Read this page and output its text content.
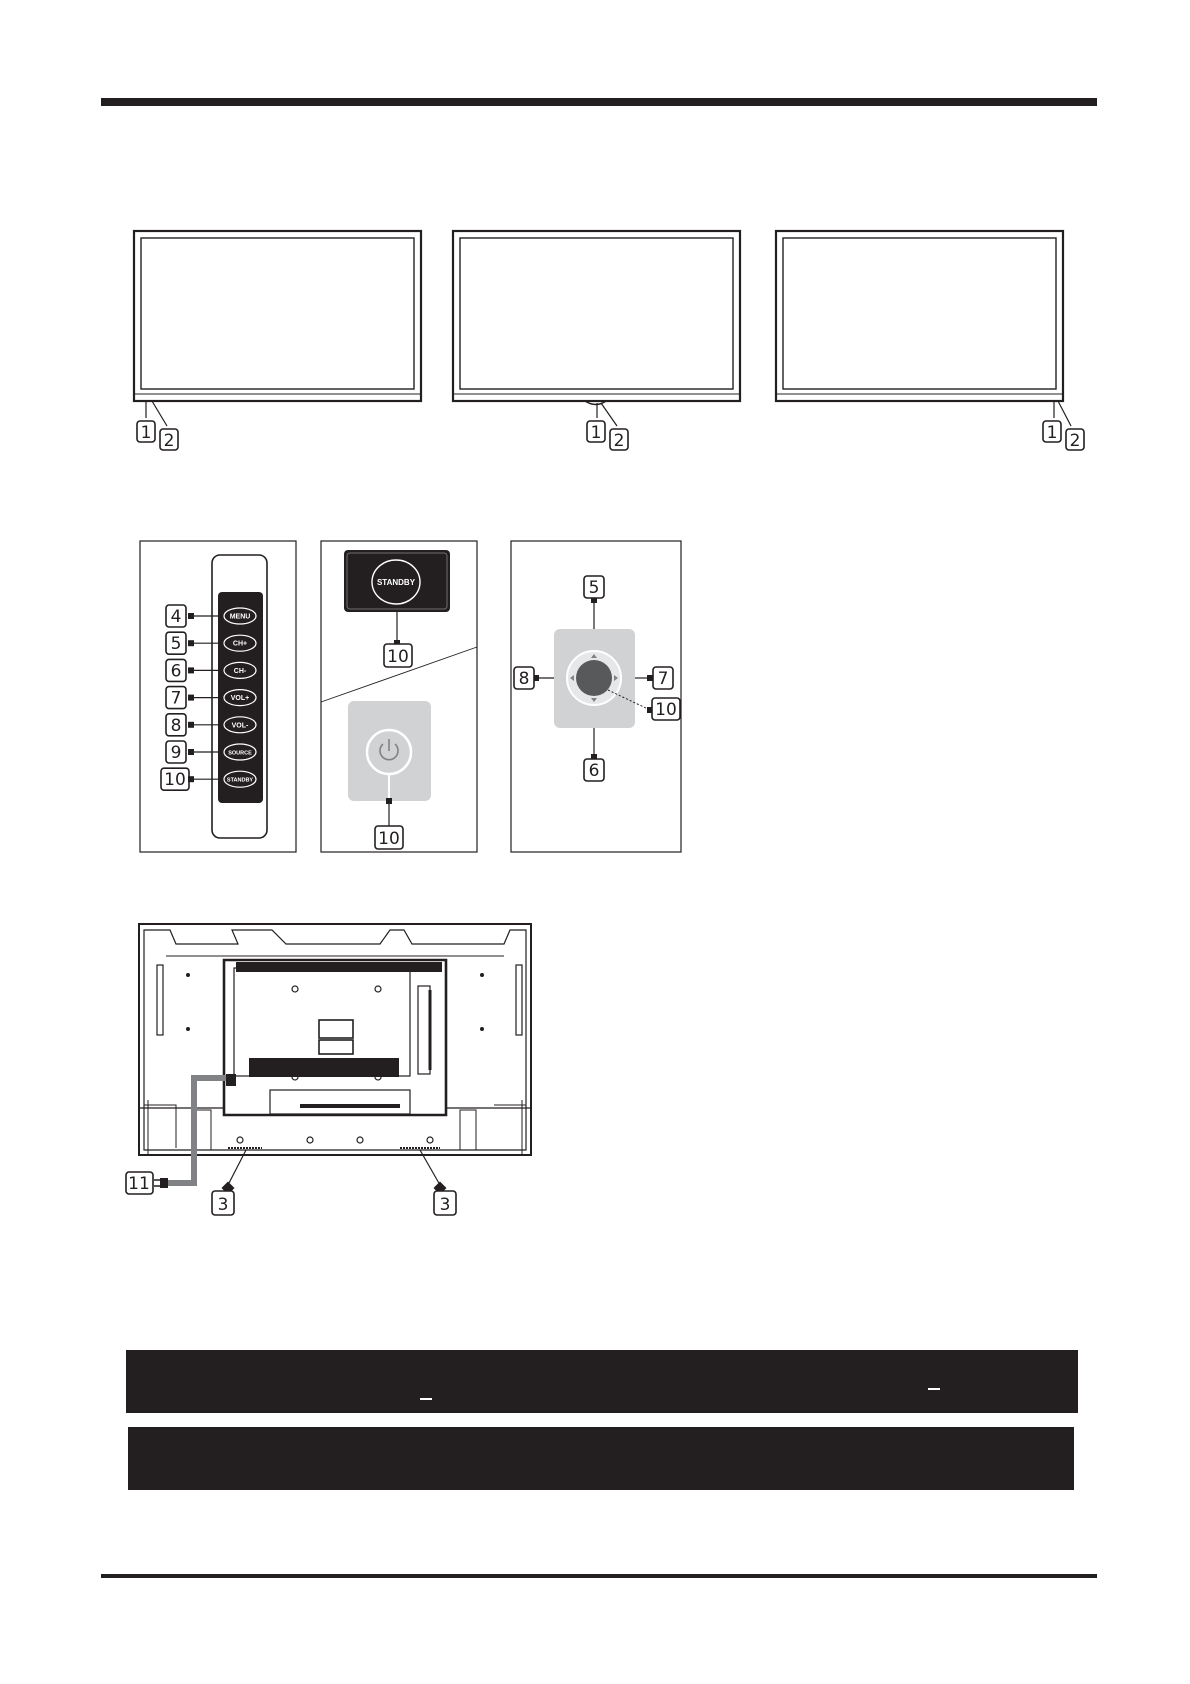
1 2	1 2	1 2
4	MENU
5	CH+
6	CH-
7	VOL+
8	VOL-
9	SOURCE
10	STANDBY
STANDBY
10
10
5
8	7
10
6
11
3	3
